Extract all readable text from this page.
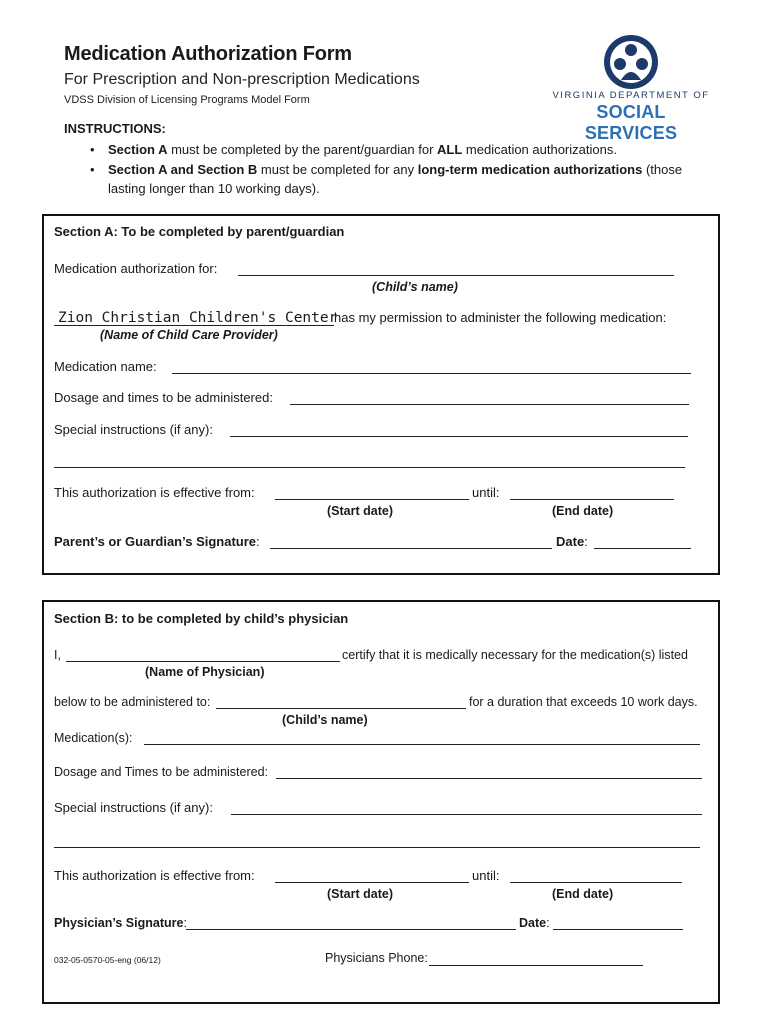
Medication Authorization Form
For Prescription and Non-prescription Medications
VDSS Division of Licensing Programs Model Form	VIRGINIA DEPARTMENT OF
SOCIAL SERVICES
INSTRUCTIONS:
• Section A must be completed by the parent/guardian for ALL medication authorizations.
• Section A and Section B must be completed for any long-term medication authorizations (those
lasting longer than 10 working days).
Section A: To be completed by parent/guardian
Medication authorization for:
(Child’s name)
Zion Christian Children's Center
has my permission to administer the following medication:
(Name of Child Care Provider)
Medication name:
Dosage and times to be administered:
Special instructions (if any):
This authorization is effective from:	until:
(Start date)	(End date)
Parent’s or Guardian’s Signature:	Date:
Section B: to be completed by child’s physician
I,	certify that it is medically necessary for the medication(s) listed
(Name of Physician)
below to be administered to:	for a duration that exceeds 10 work days.
(Child’s name)
Medication(s):
Dosage and Times to be administered:
Special instructions (if any):
This authorization is effective from:	until:
(Start date)	(End date)
Physician’s Signature:	Date:
032-05-0570-05-eng (06/12)	Physicians Phone:
